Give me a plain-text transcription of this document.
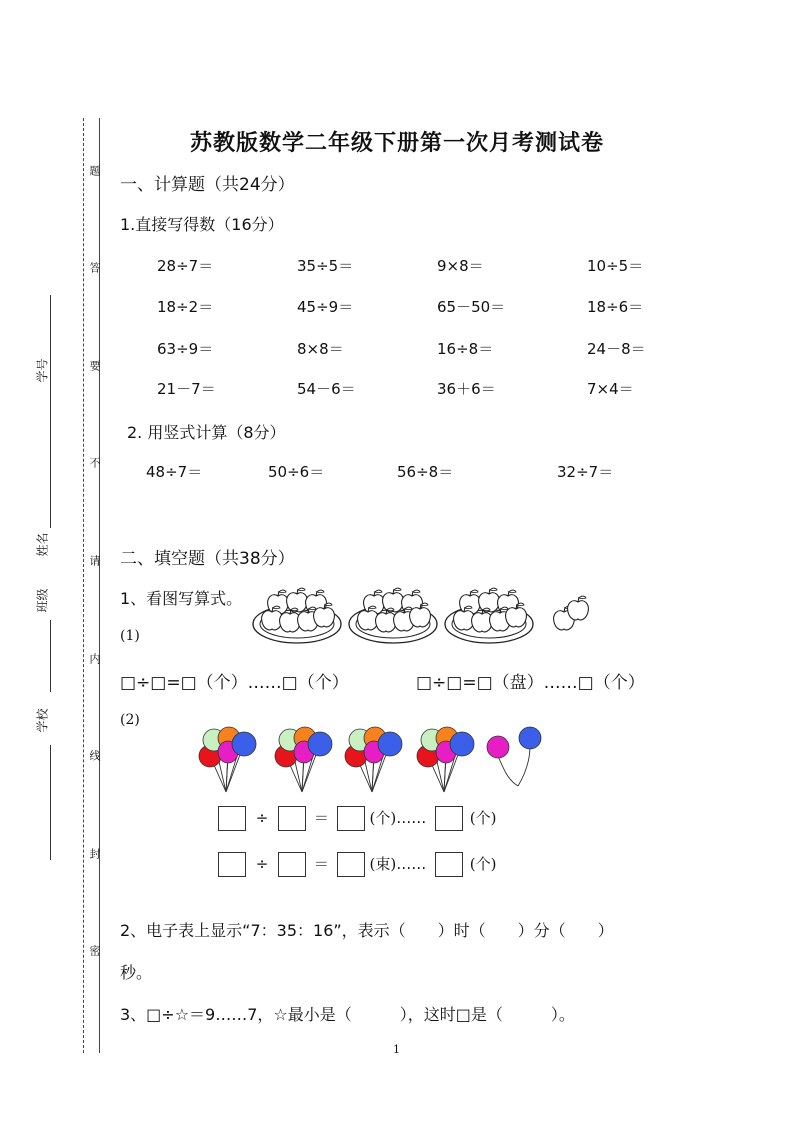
题
答
要
不
请
内
线
封
密
学号
姓名
班级
学校
苏教版数学二年级下册第一次月考测试卷
一、计算题（共24分）
1.直接写得数（16分）
28÷7＝	35÷5＝	9×8＝	10÷5＝
18÷2＝	45÷9＝	65－50＝	18÷6＝
63÷9＝	8×8＝	16÷8＝	24－8＝
21－7＝	54－6＝	36＋6＝	7×4＝
2. 用竖式计算（8分）
48÷7＝	50÷6＝	56÷8＝	32÷7＝
二、填空题（共38分）
1、看图写算式。
(1)
□÷□=□（个）……□（个）	□÷□=□（盘）……□（个）
(2)
÷	＝	(个)……	(个)
÷	＝	(束)……	(个)
2、电子表上显示“7：35：16”，表示（　　）时（　　）分（　　）
秒。
3、□÷☆＝9……7，☆最小是（　　　），这时□是（　　　）。
1
